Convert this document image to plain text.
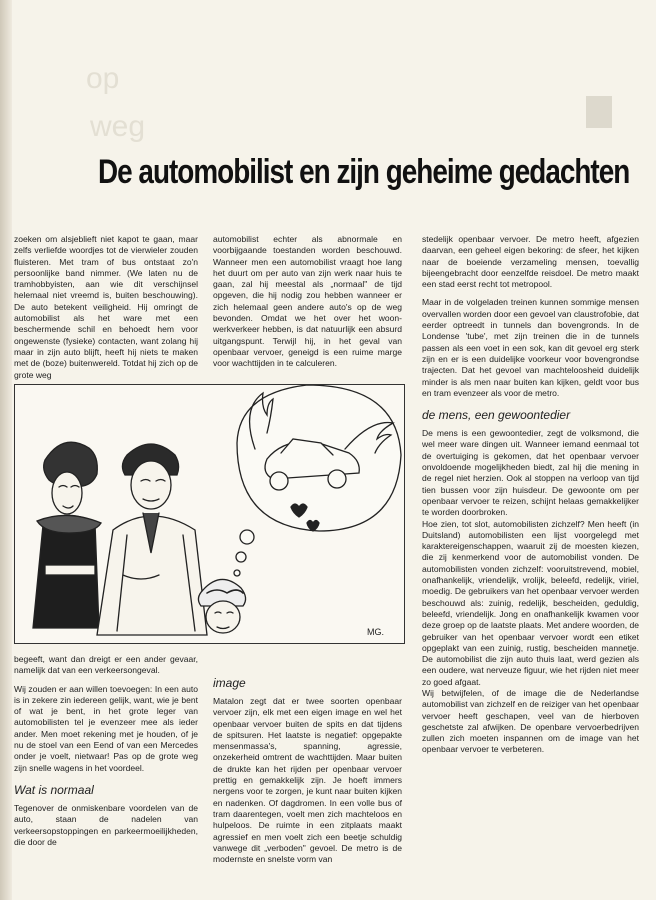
op
weg
De automobilist en zijn geheime gedachten

zoeken om alsjeblieft niet kapot te gaan, maar zelfs verliefde woordjes tot de vierwieler zouden fluisteren. Met tram of bus ontstaat zo'n persoonlijke band nimmer. (We laten nu de tramhobbyisten, aan wie dit verschijnsel helemaal niet vreemd is, buiten beschouwing). De auto betekent veiligheid. Hij omringt de automobilist als het ware met een beschermende schil en behoedt hem voor ongewenste (fysieke) contacten, want zolang hij maar in zijn auto blijft, heeft hij niets te maken met de (boze) buitenwereld. Totdat hij zich op de grote weg

automobilist echter als abnormale en voorbijgaande toestanden worden beschouwd. Wanneer men een automobilist vraagt hoe lang het duurt om per auto van zijn werk naar huis te gaan, zal hij meestal als „normaal" de tijd opgeven, die hij nodig zou hebben wanneer er zich helemaal geen andere auto's op de weg bevonden. Omdat we het over het woon-werkverkeer hebben, is dat natuurlijk een absurd uitgangspunt. Terwijl hij, in het geval van openbaar vervoer, geneigd is een ruime marge voor wachttijden in te calculeren.

stedelijk openbaar vervoer. De metro heeft, afgezien daarvan, een geheel eigen bekoring: de sfeer, het kijken naar de boeiende verzameling mensen, toevallig bijeengebracht door eenzelfde reisdoel. De metro maakt een stad eerst recht tot metropool.

Maar in de volgeladen treinen kunnen sommige mensen overvallen worden door een gevoel van claustrofobie, dat eerder optreedt in tunnels dan bovengronds. In de Londense 'tube', met zijn treinen die in de tunnels passen als een voet in een sok, kan dit gevoel erg sterk zijn en er is een duidelijke voorkeur voor bovengrondse trajecten. Dat het gevoel van machteloosheid duidelijk minder is als men naar buiten kan kijken, geldt voor bus en tram evenzeer als voor de metro.

de mens, een gewoontedier

De mens is een gewoontedier, zegt de volksmond, die wel meer ware dingen uit. Wanneer iemand eenmaal tot de overtuiging is gekomen, dat het openbaar vervoer onvoldoende mogelijkheden biedt, zal hij die mening in de regel niet herzien. Ook al stoppen na verloop van tijd tien bussen voor zijn huisdeur. De gewoonte om per openbaar vervoer te reizen, schijnt helaas gemakkelijker te worden doorbroken.

Hoe zien, tot slot, automobilisten zichzelf? Men heeft (in Duitsland) automobilisten een lijst voorgelegd met karaktereigenschappen, waaruit zij de moesten kiezen, die zij kenmerkend voor de automobilist vonden. De automobilisten vonden zichzelf: vooruitstrevend, mobiel, onafhankelijk, vriendelijk, vrolijk, beleefd, redelijk, viriel, moedig. De gebruikers van het openbaar vervoer werden beschouwd als: zuinig, redelijk, bescheiden, geduldig, beleefd, vriendelijk. Jong en onafhankelijk kwamen voor deze groep op de laatste plaats. Met andere woorden, de gebruiker van het openbaar vervoer wordt een etiket opgeplakt van een zuinig, rustig, bescheiden mannetje. De automobilist die zijn auto thuis laat, werd gezien als een oudere, wat nerveuze figuur, wie het rijden niet meer zo goed afgaat.

Wij betwijfelen, of de image die de Nederlandse automobilist van zichzelf en de reiziger van het openbaar vervoer heeft geschapen, veel van de hierboven geschetste zal afwijken. De openbare vervoerbedrijven zullen zich moeten inspannen om de image van het openbaar vervoer te verbeteren.

MG.

begeeft, want dan dreigt er een ander gevaar, namelijk dat van een verkeersongeval.

Wij zouden er aan willen toevoegen: In een auto is in zekere zin iedereen gelijk, want, wie je bent of wat je bent, in het grote leger van automobilisten tel je evenzeer mee als ieder ander. Men moet rekening met je houden, of je nu de stoel van een Eend of van een Mercedes onder je voelt, nietwaar! Pas op de grote weg zijn snelle wagens in het voordeel.

Wat is normaal

Tegenover de onmiskenbare voordelen van de auto, staan de nadelen van verkeersopstoppingen en parkeermoeilijkheden, die door de

image

Matalon zegt dat er twee soorten openbaar vervoer zijn, elk met een eigen image en wel het openbaar vervoer buiten de spits en dat tijdens de spitsuren. Het laatste is negatief: opgepakte mensenmassa's, spanning, agressie, onzekerheid omtrent de wachttijden. Maar buiten de drukte kan het rijden per openbaar vervoer prettig en gemakkelijk zijn. Je hoeft immers nergens voor te zorgen, je kunt naar buiten kijken en nadenken. Of dagdromen. In een volle bus of tram daarentegen, voelt men zich machteloos en hulpeloos. De ruimte in een zitplaats maakt agressief en men voelt zich een beetje schuldig vanwege dit „verboden" gevoel. De metro is de modernste en snelste vorm van
